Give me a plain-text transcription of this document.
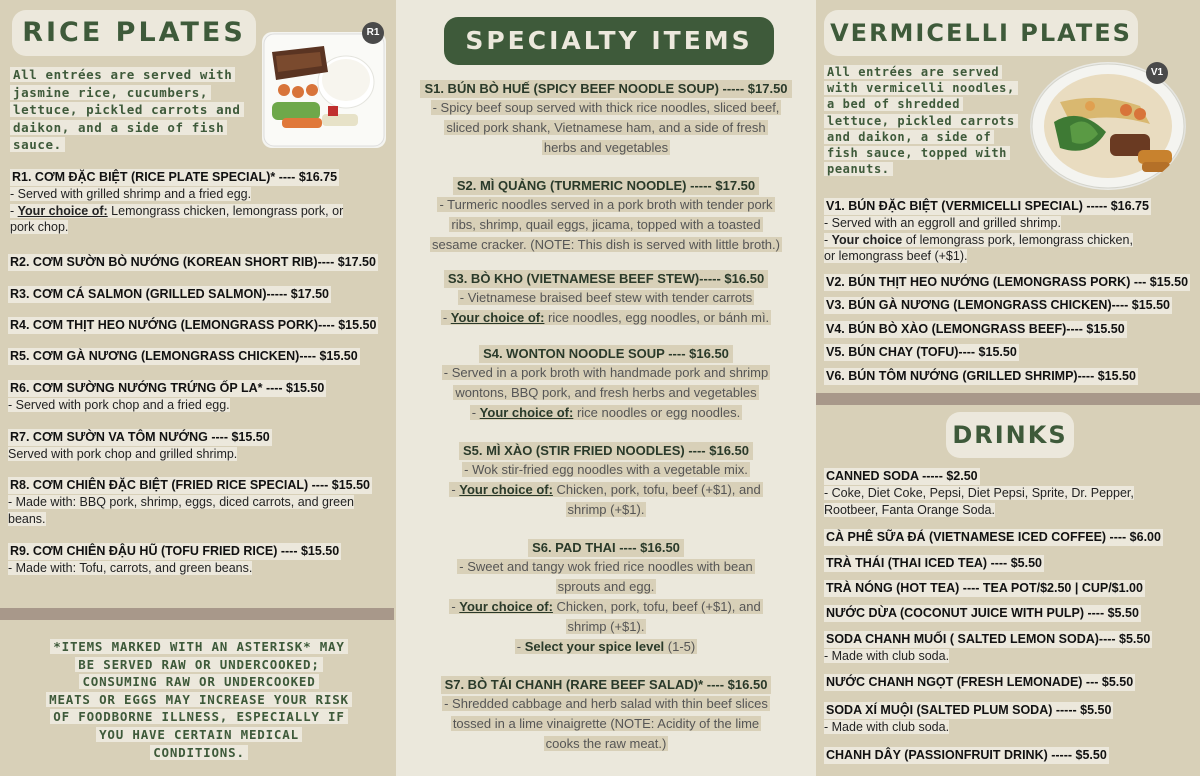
RICE PLATES
All entrées are served with
jasmine rice, cucumbers,
lettuce, pickled carrots and
daikon, and a side of fish
sauce.
R1
R1. CƠM ĐẶC BIỆT (RICE PLATE SPECIAL)* ---- $16.75
- Served with grilled shrimp and a fried egg.
- Your choice of: Lemongrass chicken, lemongrass pork, or
pork chop.
R2. CƠM SƯỜN BÒ NƯỚNG (KOREAN SHORT RIB)---- $17.50
R3. CƠM CÁ SALMON (GRILLED SALMON)----- $17.50
R4. CƠM THỊT HEO NƯỚNG (LEMONGRASS PORK)---- $15.50
R5. CƠM GÀ NƯƠNG (LEMONGRASS CHICKEN)---- $15.50
R6. CƠM SƯỜNG NƯỚNG TRỨNG ỐP LA* ---- $15.50
- Served with pork chop and a fried egg.
R7. CƠM SƯỜN VA TÔM NƯỚNG ---- $15.50
Served with pork chop and grilled shrimp.
R8. CƠM CHIÊN ĐẶC BIỆT (FRIED RICE SPECIAL) ---- $15.50
- Made with: BBQ pork, shrimp, eggs, diced carrots, and green
beans.
R9. CƠM CHIÊN ĐẬU HŨ (TOFU FRIED RICE) ---- $15.50
- Made with: Tofu, carrots, and green beans.
*ITEMS MARKED WITH AN ASTERISK* MAY
BE SERVED RAW OR UNDERCOOKED;
CONSUMING RAW OR UNDERCOOKED
MEATS OR EGGS MAY INCREASE YOUR RISK
OF FOODBORNE ILLNESS, ESPECIALLY IF
YOU HAVE CERTAIN MEDICAL
CONDITIONS.
SPECIALTY ITEMS
S1. BÚN BÒ HUẾ (SPICY BEEF NOODLE SOUP) ----- $17.50
- Spicy beef soup served with thick rice noodles, sliced beef,
sliced pork shank, Vietnamese ham, and a side of fresh
herbs and vegetables
S2. MÌ QUẢNG (TURMERIC NOODLE) ----- $17.50
- Turmeric noodles served in a pork broth with tender pork
ribs, shrimp, quail eggs, jicama, topped with a toasted
sesame cracker. (NOTE: This dish is served with little broth.)
S3. BÒ KHO (VIETNAMESE BEEF STEW)----- $16.50
- Vietnamese braised beef stew with tender carrots
- Your choice of: rice noodles, egg noodles, or bánh mì.
S4. WONTON NOODLE SOUP ---- $16.50
- Served in a pork broth with handmade pork and shrimp
wontons, BBQ pork, and fresh herbs and vegetables
- Your choice of: rice noodles or egg noodles.
S5. MÌ XÀO (STIR FRIED NOODLES) ---- $16.50
- Wok stir-fried egg noodles with a vegetable mix.
- Your choice of: Chicken, pork, tofu, beef (+$1), and
shrimp (+$1).
S6. PAD THAI ---- $16.50
- Sweet and tangy wok fried rice noodles with bean
sprouts and egg.
- Your choice of: Chicken, pork, tofu, beef (+$1), and
shrimp (+$1).
- Select your spice level (1-5)
S7. BÒ TÁI CHANH (RARE BEEF SALAD)* ---- $16.50
- Shredded cabbage and herb salad with thin beef slices
tossed in a lime vinaigrette (NOTE: Acidity of the lime
cooks the raw meat.)
VERMICELLI PLATES
All entrées are served
with vermicelli noodles,
a bed of shredded
lettuce, pickled carrots
and daikon, a side of
fish sauce, topped with
peanuts.
V1
V1. BÚN ĐẶC BIỆT (VERMICELLI SPECIAL) ----- $16.75
- Served with an eggroll and grilled shrimp.
- Your choice of lemongrass pork, lemongrass chicken,
or lemongrass beef (+$1).
V2. BÚN THỊT HEO NƯỚNG (LEMONGRASS PORK) --- $15.50
V3. BÚN GÀ NƯƠNG (LEMONGRASS CHICKEN)---- $15.50
V4. BÚN BÒ XÀO (LEMONGRASS BEEF)---- $15.50
V5. BÚN CHAY (TOFU)---- $15.50
V6. BÚN TÔM NƯỚNG (GRILLED SHRIMP)---- $15.50
DRINKS
CANNED SODA ----- $2.50
- Coke, Diet Coke, Pepsi, Diet Pepsi, Sprite, Dr. Pepper,
Rootbeer, Fanta Orange Soda.
CÀ PHÊ SỮA ĐÁ (VIETNAMESE ICED COFFEE) ---- $6.00
TRÀ THÁI (THAI ICED TEA) ---- $5.50
TRÀ NÓNG (HOT TEA) ---- TEA POT/$2.50 | CUP/$1.00
NƯỚC DỪA (COCONUT JUICE WITH PULP) ---- $5.50
SODA CHANH MUỐI ( SALTED LEMON SODA)---- $5.50
- Made with club soda.
NƯỚC CHANH NGỌT (FRESH LEMONADE) --- $5.50
SODA XÍ MUỘI (SALTED PLUM SODA) ----- $5.50
- Made with club soda.
CHANH DÂY (PASSIONFRUIT DRINK) ----- $5.50
